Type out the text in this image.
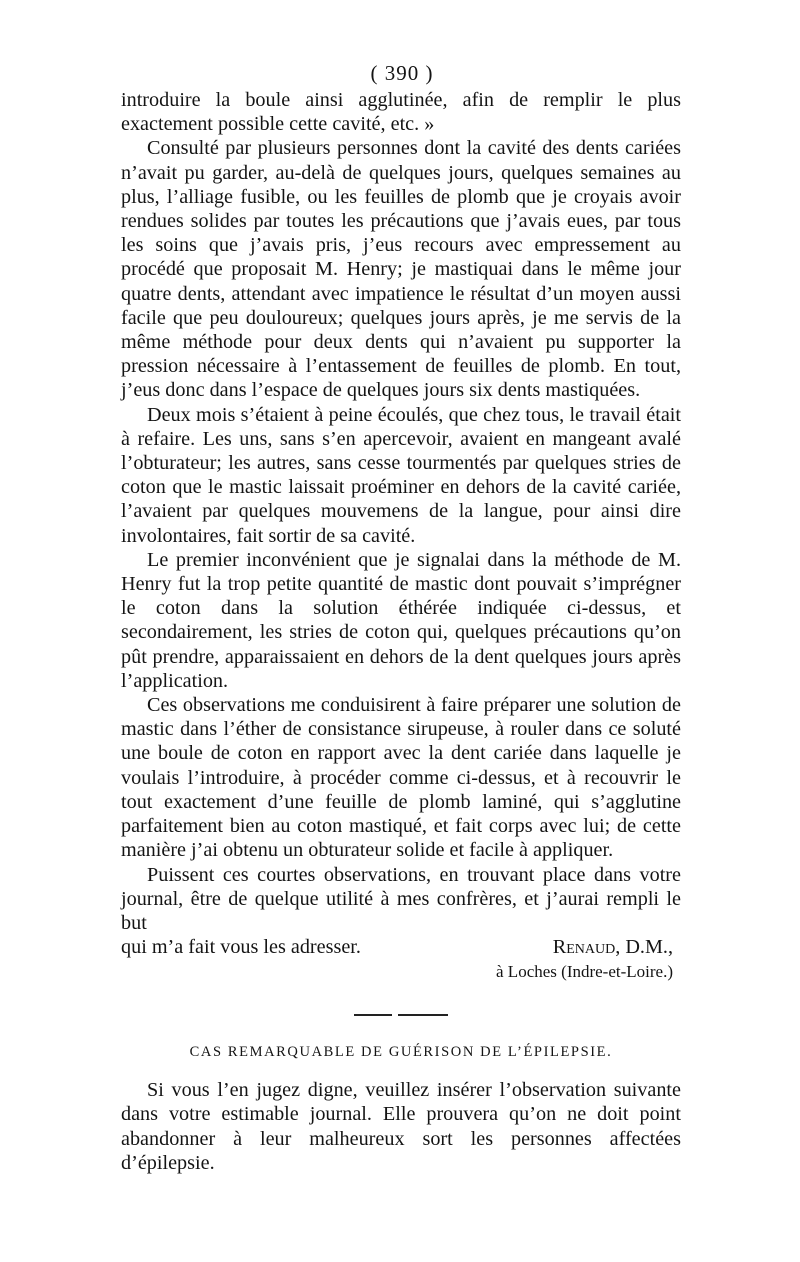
( 390 )

introduire la boule ainsi agglutinée, afin de remplir le plus exactement possible cette cavité, etc. »

Consulté par plusieurs personnes dont la cavité des dents cariées n’avait pu garder, au-delà de quelques jours, quelques semaines au plus, l’alliage fusible, ou les feuilles de plomb que je croyais avoir rendues solides par toutes les précautions que j’avais eues, par tous les soins que j’avais pris, j’eus recours avec empressement au procédé que proposait M. Henry; je mastiquai dans le même jour quatre dents, attendant avec impatience le résultat d’un moyen aussi facile que peu douloureux; quelques jours après, je me servis de la même méthode pour deux dents qui n’avaient pu supporter la pression nécessaire à l’entassement de feuilles de plomb. En tout, j’eus donc dans l’espace de quelques jours six dents mastiquées.

Deux mois s’étaient à peine écoulés, que chez tous, le travail était à refaire. Les uns, sans s’en apercevoir, avaient en mangeant avalé l’obturateur; les autres, sans cesse tourmentés par quelques stries de coton que le mastic laissait proéminer en dehors de la cavité cariée, l’avaient par quelques mouvemens de la langue, pour ainsi dire involontaires, fait sortir de sa cavité.

Le premier inconvénient que je signalai dans la méthode de M. Henry fut la trop petite quantité de mastic dont pouvait s’imprégner le coton dans la solution éthérée indiquée ci-dessus, et secondairement, les stries de coton qui, quelques précautions qu’on pût prendre, apparaissaient en dehors de la dent quelques jours après l’application.

Ces observations me conduisirent à faire préparer une solution de mastic dans l’éther de consistance sirupeuse, à rouler dans ce soluté une boule de coton en rapport avec la dent cariée dans laquelle je voulais l’introduire, à procéder comme ci-dessus, et à recouvrir le tout exactement d’une feuille de plomb laminé, qui s’agglutine parfaitement bien au coton mastiqué, et fait corps avec lui; de cette manière j’ai obtenu un obturateur solide et facile à appliquer.

Puissent ces courtes observations, en trouvant place dans votre journal, être de quelque utilité à mes confrères, et j’aurai rempli le but

qui m’a fait vous les adresser.	Renaud, D.M.,
à Loches (Indre-et-Loire.)
CAS REMARQUABLE DE GUÉRISON DE L’ÉPILEPSIE.

Si vous l’en jugez digne, veuillez insérer l’observation suivante dans votre estimable journal. Elle prouvera qu’on ne doit point abandonner à leur malheureux sort les personnes affectées d’épilepsie.
